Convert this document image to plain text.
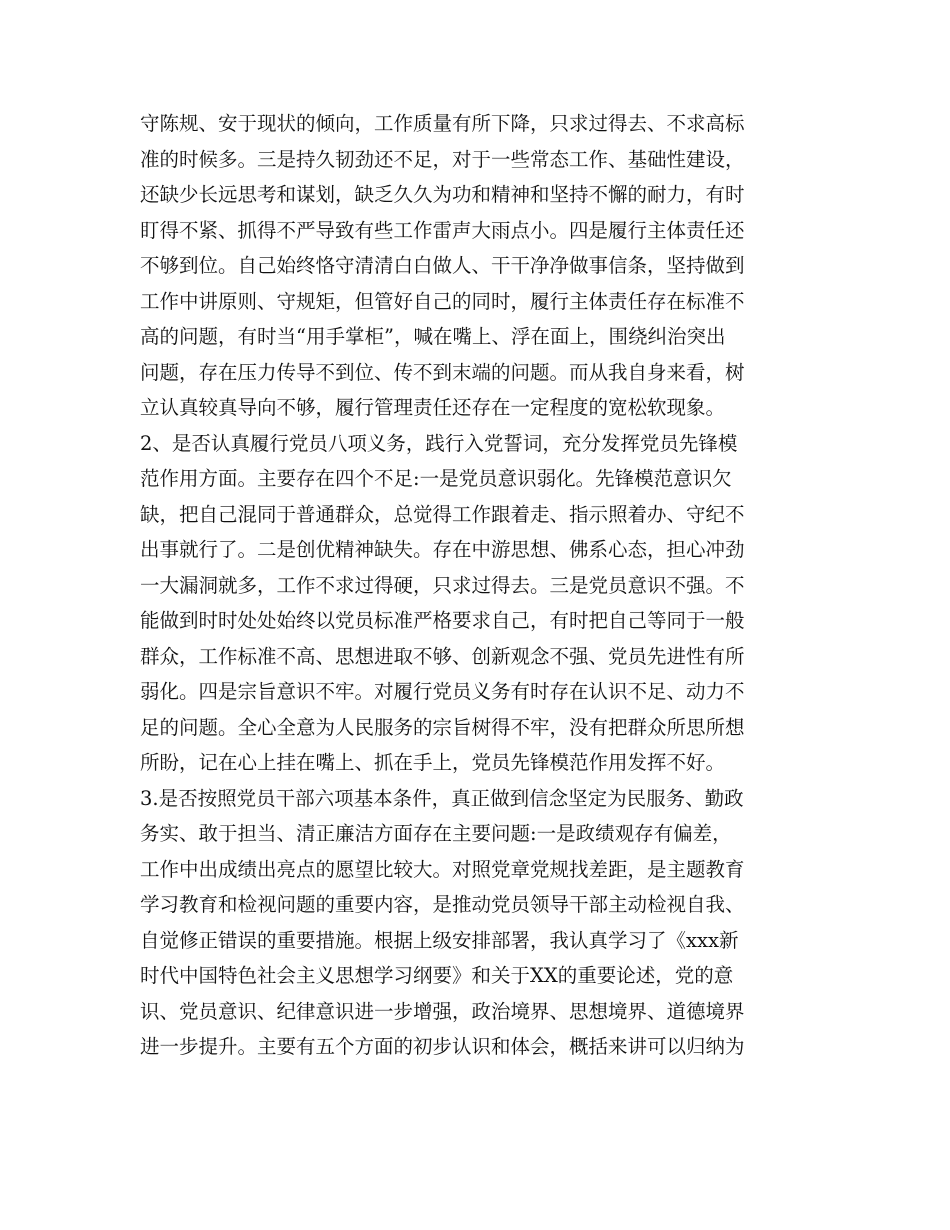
守陈规、安于现状的倾向，工作质量有所下降，只求过得去、不求高标
准的时候多。三是持久韧劲还不足，对于一些常态工作、基础性建设，
还缺少长远思考和谋划，缺乏久久为功和精神和坚持不懈的耐力，有时
盯得不紧、抓得不严导致有些工作雷声大雨点小。四是履行主体责任还
不够到位。自己始终恪守清清白白做人、干干净净做事信条，坚持做到
工作中讲原则、守规矩，但管好自己的同时，履行主体责任存在标准不
高的问题，有时当“用手掌柜”，喊在嘴上、浮在面上，围绕纠治突出
问题，存在压力传导不到位、传不到末端的问题。而从我自身来看，树
立认真较真导向不够，履行管理责任还存在一定程度的宽松软现象。
2、是否认真履行党员八项义务，践行入党誓词，充分发挥党员先锋模
范作用方面。主要存在四个不足:一是党员意识弱化。先锋模范意识欠
缺，把自己混同于普通群众，总觉得工作跟着走、指示照着办、守纪不
出事就行了。二是创优精神缺失。存在中游思想、佛系心态，担心冲劲
一大漏洞就多，工作不求过得硬，只求过得去。三是党员意识不强。不
能做到时时处处始终以党员标准严格要求自己，有时把自己等同于一般
群众，工作标准不高、思想进取不够、创新观念不强、党员先进性有所
弱化。四是宗旨意识不牢。对履行党员义务有时存在认识不足、动力不
足的问题。全心全意为人民服务的宗旨树得不牢，没有把群众所思所想
所盼，记在心上挂在嘴上、抓在手上，党员先锋模范作用发挥不好。
3.是否按照党员干部六项基本条件，真正做到信念坚定为民服务、勤政
务实、敢于担当、清正廉洁方面存在主要问题:一是政绩观存有偏差，
工作中出成绩出亮点的愿望比较大。对照党章党规找差距，是主题教育
学习教育和检视问题的重要内容，是推动党员领导干部主动检视自我、
自觉修正错误的重要措施。根据上级安排部署，我认真学习了《xxx新
时代中国特色社会主义思想学习纲要》和关于XX的重要论述，党的意
识、党员意识、纪律意识进一步增强，政治境界、思想境界、道德境界
进一步提升。主要有五个方面的初步认识和体会，概括来讲可以归纳为
